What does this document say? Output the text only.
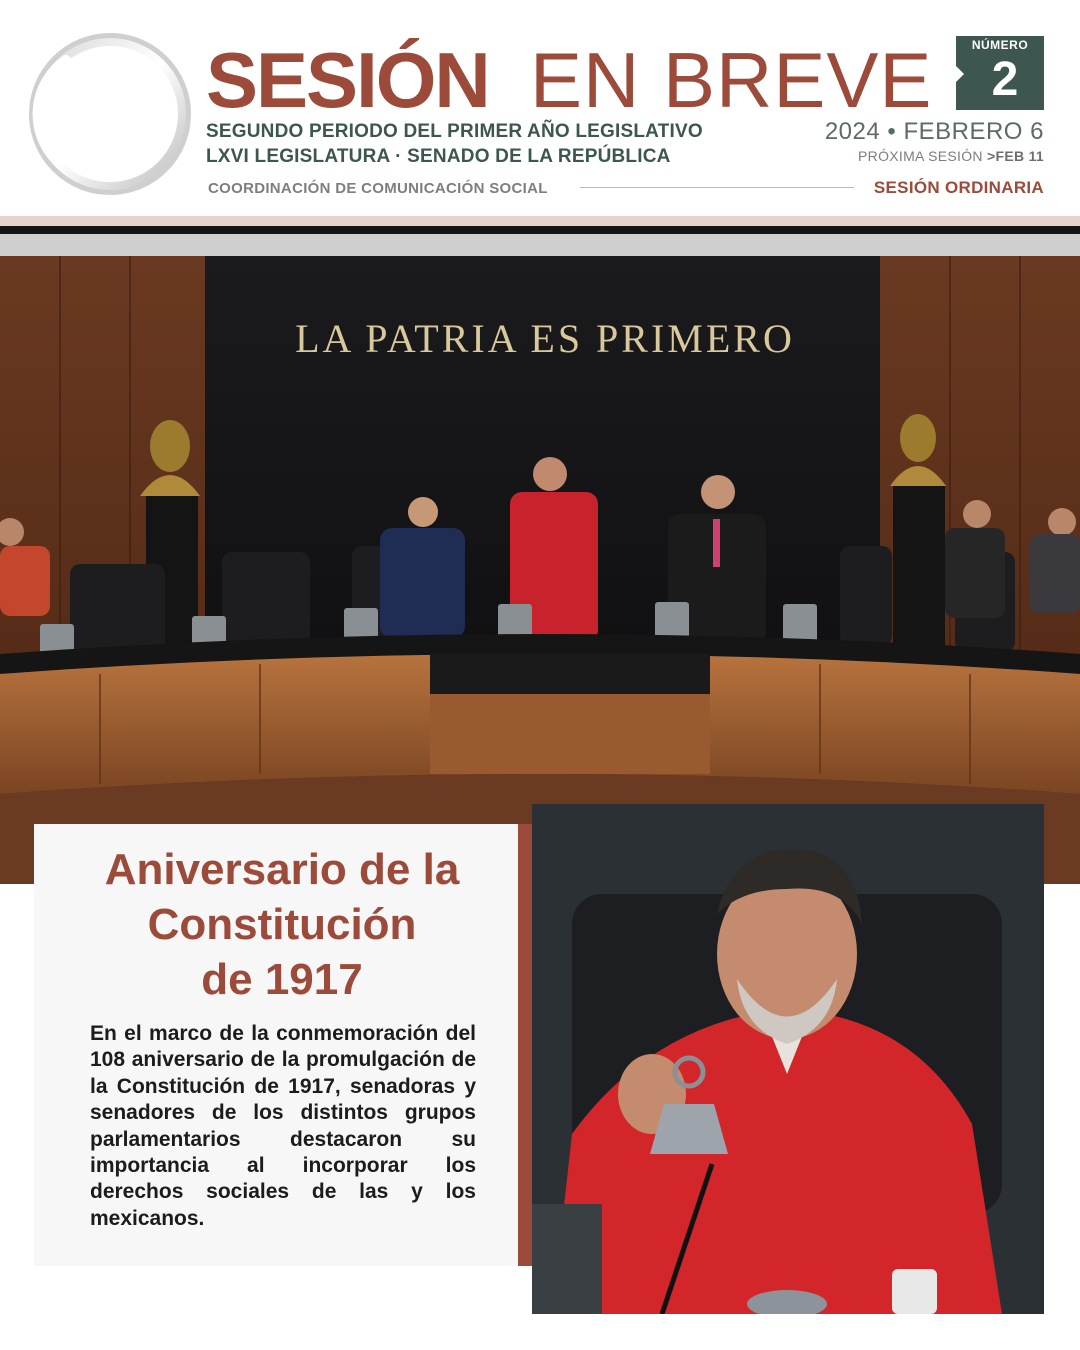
SESIÓN EN BREVE	NÚMERO
2
SEGUNDO PERIODO DEL PRIMER AÑO LEGISLATIVO
LXVI LEGISLATURA · SENADO DE LA REPÚBLICA
2024 • FEBRERO 6
PRÓXIMA SESIÓN >FEB 11
COORDINACIÓN DE COMUNICACIÓN SOCIAL	SESIÓN ORDINARIA
LA PATRIA ES PRIMERO
Aniversario de la
Constitución
de 1917
En el marco de la conmemoración del 108 aniversario de la promulgación de la Constitución de 1917, senadoras y senadores de los distintos grupos parlamentarios destacaron su importancia al incorporar los derechos sociales de las y los mexicanos.
